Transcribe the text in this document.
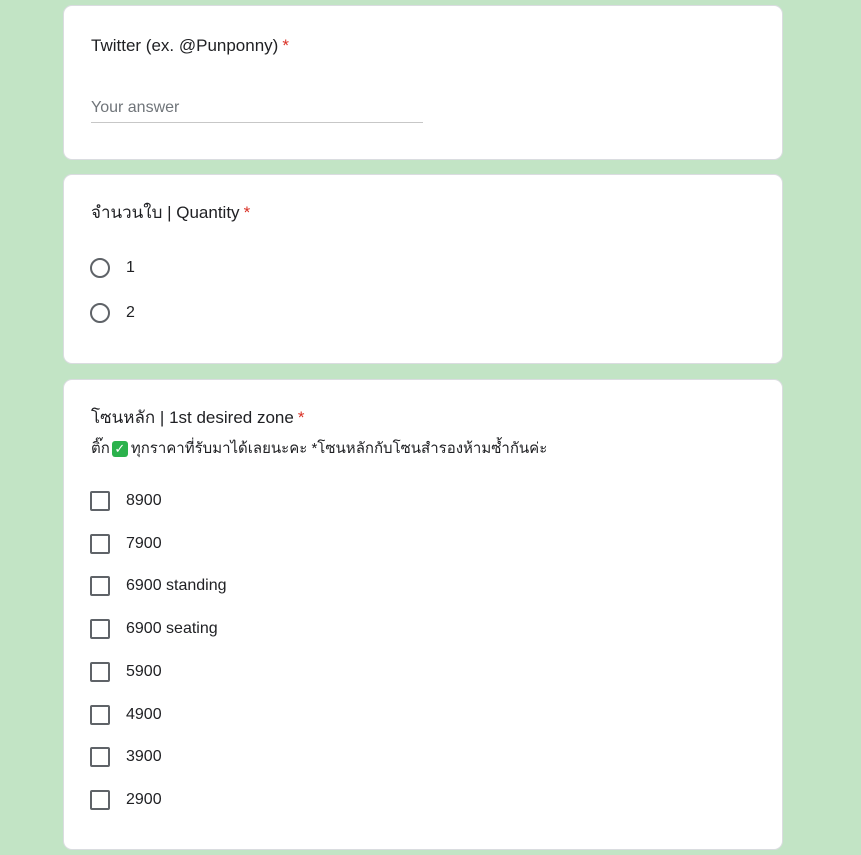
Twitter (ex. @Punponny) *
Your answer
จำนวนใบ | Quantity *
1
2
โซนหลัก | 1st desired zone *
ติ๊ก ✓ ทุกราคาที่รับมาได้เลยนะคะ *โซนหลักกับโซนสำรองห้ามซ้ำกันค่ะ
8900
7900
6900 standing
6900 seating
5900
4900
3900
2900
